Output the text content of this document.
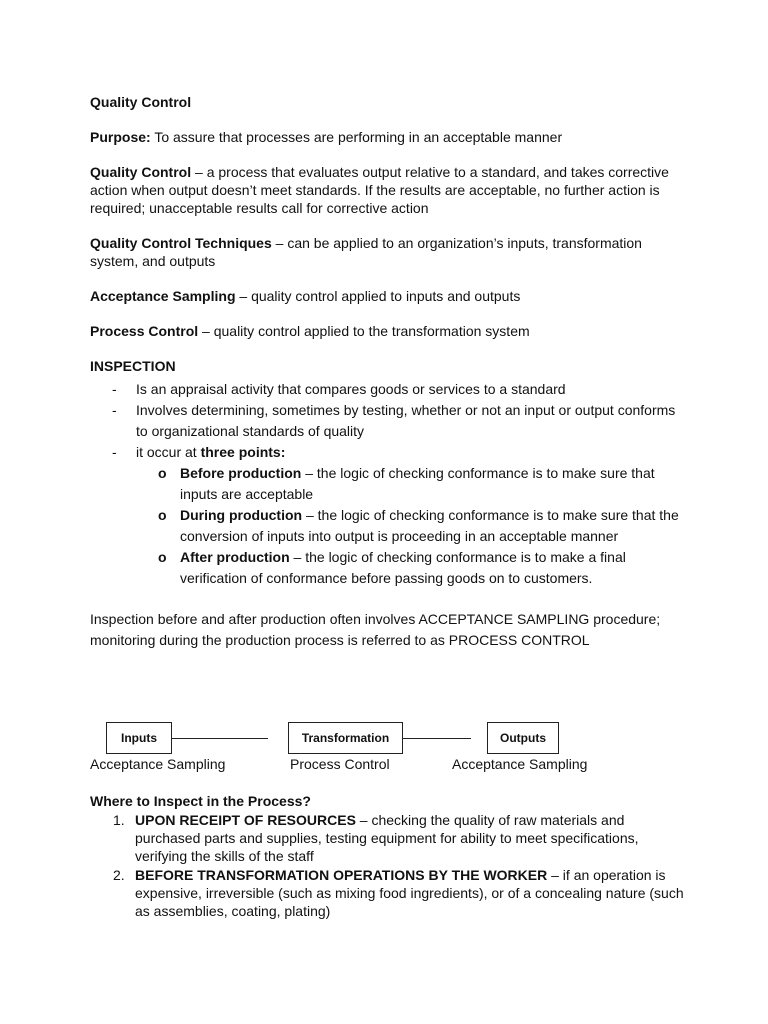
Quality Control

Purpose: To assure that processes are performing in an acceptable manner

Quality Control – a process that evaluates output relative to a standard, and takes corrective action when output doesn’t meet standards. If the results are acceptable, no further action is required; unacceptable results call for corrective action

Quality Control Techniques – can be applied to an organization’s inputs, transformation system, and outputs

Acceptance Sampling – quality control applied to inputs and outputs

Process Control – quality control applied to the transformation system

INSPECTION

- Is an appraisal activity that compares goods or services to a standard
- Involves determining, sometimes by testing, whether or not an input or output conforms to organizational standards of quality
- it occur at three points:
o Before production – the logic of checking conformance is to make sure that inputs are acceptable
o During production – the logic of checking conformance is to make sure that the conversion of inputs into output is proceeding in an acceptable manner
o After production – the logic of checking conformance is to make a final verification of conformance before passing goods on to customers.

Inspection before and after production often involves ACCEPTANCE SAMPLING procedure; monitoring during the production process is referred to as PROCESS CONTROL

Inputs	Transformation	Outputs
Acceptance Sampling	Process Control	Acceptance Sampling

Where to Inspect in the Process?

1. UPON RECEIPT OF RESOURCES – checking the quality of raw materials and purchased parts and supplies, testing equipment for ability to meet specifications, verifying the skills of the staff
2. BEFORE TRANSFORMATION OPERATIONS BY THE WORKER – if an operation is expensive, irreversible (such as mixing food ingredients), or of a concealing nature (such as assemblies, coating, plating)
